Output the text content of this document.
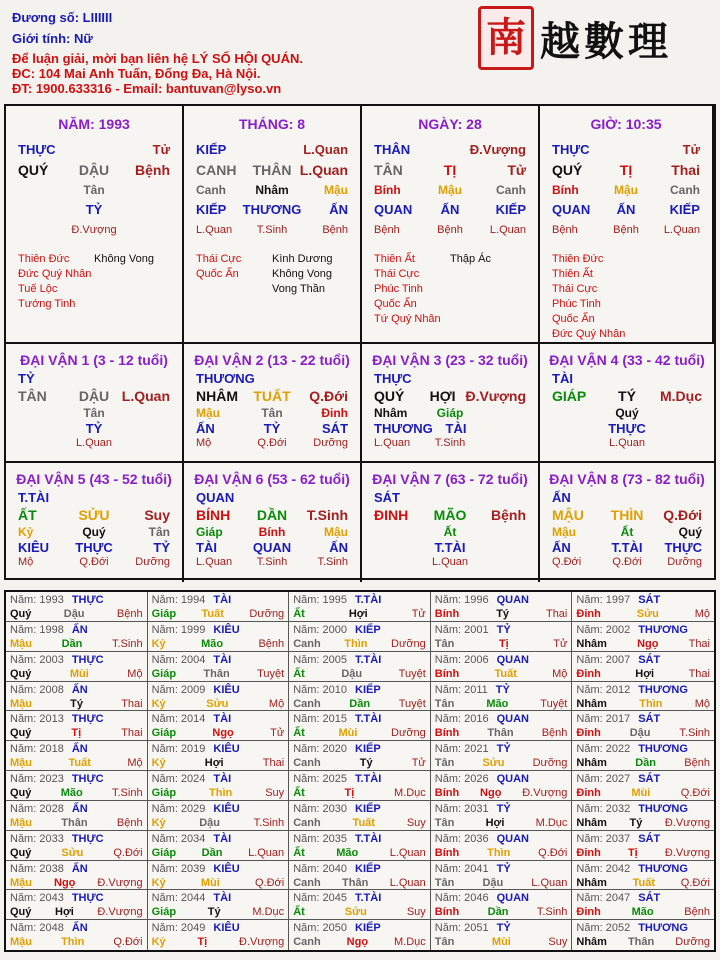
Đương số: LIIIIII
Giới tính: Nữ
Để luận giải, mời bạn liên hệ LÝ SỐ HỘI QUÁN.
ĐC: 104 Mai Anh Tuấn, Đống Đa, Hà Nội.
ĐT: 1900.633316 - Email: bantuvan@lyso.vn
南 越數理
NĂM: 1993
THỰC	Tử
QUÝ	DẬU	Bệnh
Tân
TỶ
Đ.Vượng
Thiên Đức
Đức Quý Nhân
Tuế Lộc
Tướng Tinh
Không Vong
THÁNG: 8
KIẾP	L.Quan
CANH	THÂN L.Quan
Canh	Nhâm	Mậu
KIẾP	THƯƠNG	ẤN
L.Quan	T.Sinh	Bệnh
Thái Cực
Quốc Ấn
Kình Dương
Không Vong
Vong Thần
NGÀY: 28
THÂN	Đ.Vượng
TÂN	TỊ	Tử
Bính	Mậu	Canh
QUAN	ẤN	KIẾP
Bệnh	Bệnh	L.Quan
Thiên Ất
Thái Cực
Phúc Tinh
Quốc Ấn
Tứ Quý Nhân
Thập Ác
GIỜ: 10:35
THỰC	Tử
QUÝ	TỊ	Thai
Bính	Mậu	Canh
QUAN	ẤN	KIẾP
Bệnh	Bệnh	L.Quan
Thiên Đức
Thiên Ất
Thái Cực
Phúc Tinh
Quốc Ấn
Đức Quý Nhân
ĐẠI VẬN 1 (3 - 12 tuổi)
TỶ
TÂN	DẬU L.Quan
Tân
TỶ
L.Quan
ĐẠI VẬN 2 (13 - 22 tuổi)
THƯƠNG
NHÂM	TUẤT	Q.Đới
Mậu	Tân	Đinh
ẤN	TỶ	SÁT
Mộ	Q.Đới	Dưỡng
ĐẠI VẬN 3 (23 - 32 tuổi)
THỰC
QUÝ	HỢI Đ.Vượng
Nhâm	Giáp
THƯƠNG TÀI
L.Quan	T.Sinh
ĐẠI VẬN 4 (33 - 42 tuổi)
TÀI
GIÁP	TÝ	M.Dục
Quý
THỰC
L.Quan
ĐẠI VẬN 5 (43 - 52 tuổi)
T.TÀI
ẤT	SỬU	Suy
Kỷ	Quý	Tân
KIÊU	THỰC	TỶ
Mộ	Q.Đới	Dưỡng
ĐẠI VẬN 6 (53 - 62 tuổi)
QUAN
BÍNH	DẦN	T.Sinh
Giáp	Bính	Mậu
TÀI	QUAN	ẤN
L.Quan	T.Sinh	T.Sinh
ĐẠI VẬN 7 (63 - 72 tuổi)
SÁT
ĐINH	MÃO	Bệnh
Ất
T.TÀI
L.Quan
ĐẠI VẬN 8 (73 - 82 tuổi)
ẤN
MẬU	THÌN	Q.Đới
Mậu	Ất	Quý
ẤN	T.TÀI	THỰC
Q.Đới	Q.Đới	Dưỡng
Năm: 1993 THỰC
Quý	Dậu	Bệnh
Năm: 1994 TÀI
Giáp Tuất Dưỡng
Năm: 1995 T.TÀI
Ất	Hợi	Tử
Năm: 1996 QUAN
Bính	Tý	Thai
Năm: 1997 SÁT
Đinh	Sửu	Mộ
Năm: 1998 ẤN
Mậu	Dần	T.Sinh
Năm: 1999 KIÊU
Kỷ	Mão	Bệnh
Năm: 2000 KIẾP
Canh Thìn Dưỡng
Năm: 2001 TỶ
Tân	Tị	Tử
Năm: 2002 THƯƠNG
Nhâm	Ngọ	Thai
Năm: 2003 THỰC
Quý	Mùi	Mộ
Năm: 2004 TÀI
Giáp Thân Tuyệt
Năm: 2005 T.TÀI
Ất	Dậu	Tuyệt
Năm: 2006 QUAN
Bính	Tuất	Mộ
Năm: 2007 SÁT
Đinh	Hợi	Thai
Năm: 2008 ẤN
Mậu	Tý	Thai
Năm: 2009 KIÊU
Kỷ	Sửu	Mộ
Năm: 2010 KIẾP
Canh	Dần	Tuyệt
Năm: 2011 TỶ
Tân	Mão	Tuyệt
Năm: 2012 THƯƠNG
Nhâm	Thìn	Mộ
Năm: 2013 THỰC
Quý	Tị	Thai
Năm: 2014 TÀI
Giáp	Ngọ	Tử
Năm: 2015 T.TÀI
Ất	Mùi	Dưỡng
Năm: 2016 QUAN
Bính	Thân	Bệnh
Năm: 2017 SÁT
Đinh	Dậu	T.Sinh
Năm: 2018 ẤN
Mậu	Tuất	Mộ
Năm: 2019 KIÊU
Kỷ	Hợi	Thai
Năm: 2020 KIẾP
Canh	Tý	Tử
Năm: 2021 TỶ
Tân	Sửu	Dưỡng
Năm: 2022 THƯƠNG
Nhâm	Dần	Bệnh
Năm: 2023 THỰC
Quý	Mão	T.Sinh
Năm: 2024 TÀI
Giáp	Thìn	Suy
Năm: 2025 T.TÀI
Ất	Tị	M.Dục
Năm: 2026 QUAN
Bính Ngọ Đ.Vượng
Năm: 2027 SÁT
Đinh	Mùi	Q.Đới
Năm: 2028 ẤN
Mậu	Thân	Bệnh
Năm: 2029 KIÊU
Kỷ	Dậu	T.Sinh
Năm: 2030 KIẾP
Canh	Tuất	Suy
Năm: 2031 TỶ
Tân	Hợi	M.Dục
Năm: 2032 THƯƠNG
Nhâm Tý Đ.Vượng
Năm: 2033 THỰC
Quý	Sửu	Q.Đới
Năm: 2034 TÀI
Giáp Dần L.Quan
Năm: 2035 T.TÀI
Ất	Mão	L.Quan
Năm: 2036 QUAN
Bính	Thìn	Q.Đới
Năm: 2037 SÁT
Đinh Tị Đ.Vượng
Năm: 2038 ẤN
Mậu Ngọ Đ.Vượng
Năm: 2039 KIÊU
Kỷ	Mùi	Q.Đới
Năm: 2040 KIẾP
Canh Thân L.Quan
Năm: 2041 TỶ
Tân	Dậu	L.Quan
Năm: 2042 THƯƠNG
Nhâm Tuất Q.Đới
Năm: 2043 THỰC
Quý Hợi Đ.Vượng
Năm: 2044 TÀI
Giáp	Tý	M.Dục
Năm: 2045 T.TÀI
Ất	Sửu	Suy
Năm: 2046 QUAN
Bính	Dần	T.Sinh
Năm: 2047 SÁT
Đinh	Mão	Bệnh
Năm: 2048 ẤN
Mậu	Thìn	Q.Đới
Năm: 2049 KIÊU
Kỷ	Tị	Đ.Vượng
Năm: 2050 KIẾP
Canh Ngọ M.Dục
Năm: 2051 TỶ
Tân	Mùi	Suy
Năm: 2052 THƯƠNG
Nhâm Thân Dưỡng
